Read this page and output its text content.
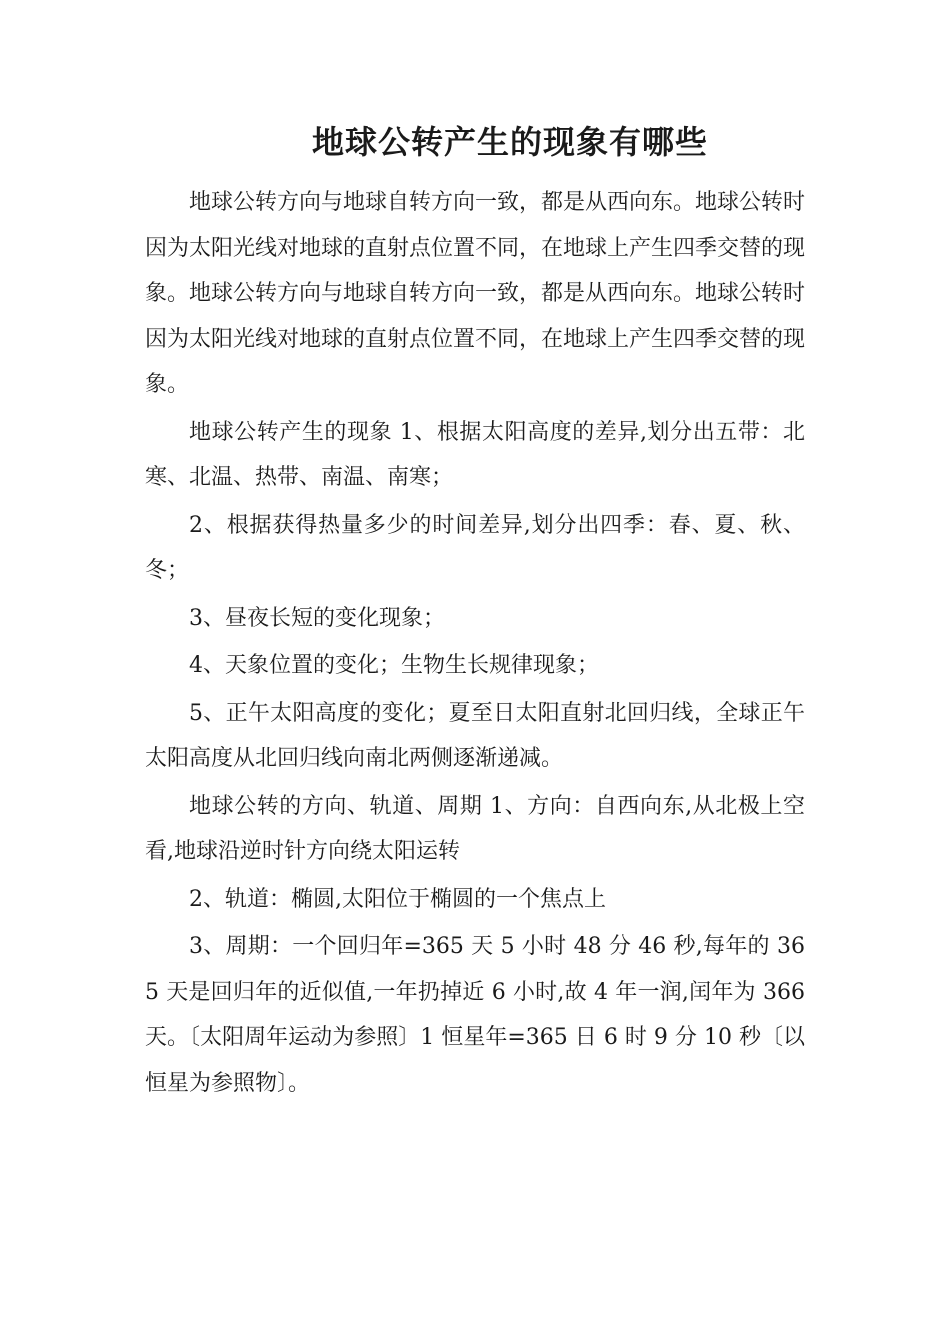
地球公转产生的现象有哪些

地球公转方向与地球自转方向一致，都是从西向东。地球公转时因为太阳光线对地球的直射点位置不同，在地球上产生四季交替的现象。地球公转方向与地球自转方向一致，都是从西向东。地球公转时因为太阳光线对地球的直射点位置不同，在地球上产生四季交替的现象。

地球公转产生的现象 1、根据太阳高度的差异,划分出五带：北寒、北温、热带、南温、南寒；

2、根据获得热量多少的时间差异,划分出四季：春、夏、秋、冬；

3、昼夜长短的变化现象；

4、天象位置的变化；生物生长规律现象；

5、正午太阳高度的变化；夏至日太阳直射北回归线，全球正午太阳高度从北回归线向南北两侧逐渐递减。

地球公转的方向、轨道、周期 1、方向：自西向东,从北极上空看,地球沿逆时针方向绕太阳运转

2、轨道：椭圆,太阳位于椭圆的一个焦点上

3、周期：一个回归年=365 天 5 小时 48 分 46 秒,每年的 365 天是回归年的近似值,一年扔掉近 6 小时,故 4 年一润,闰年为 366 天。〔太阳周年运动为参照〕1 恒星年=365 日 6 时 9 分 10 秒〔以恒星为参照物〕。
